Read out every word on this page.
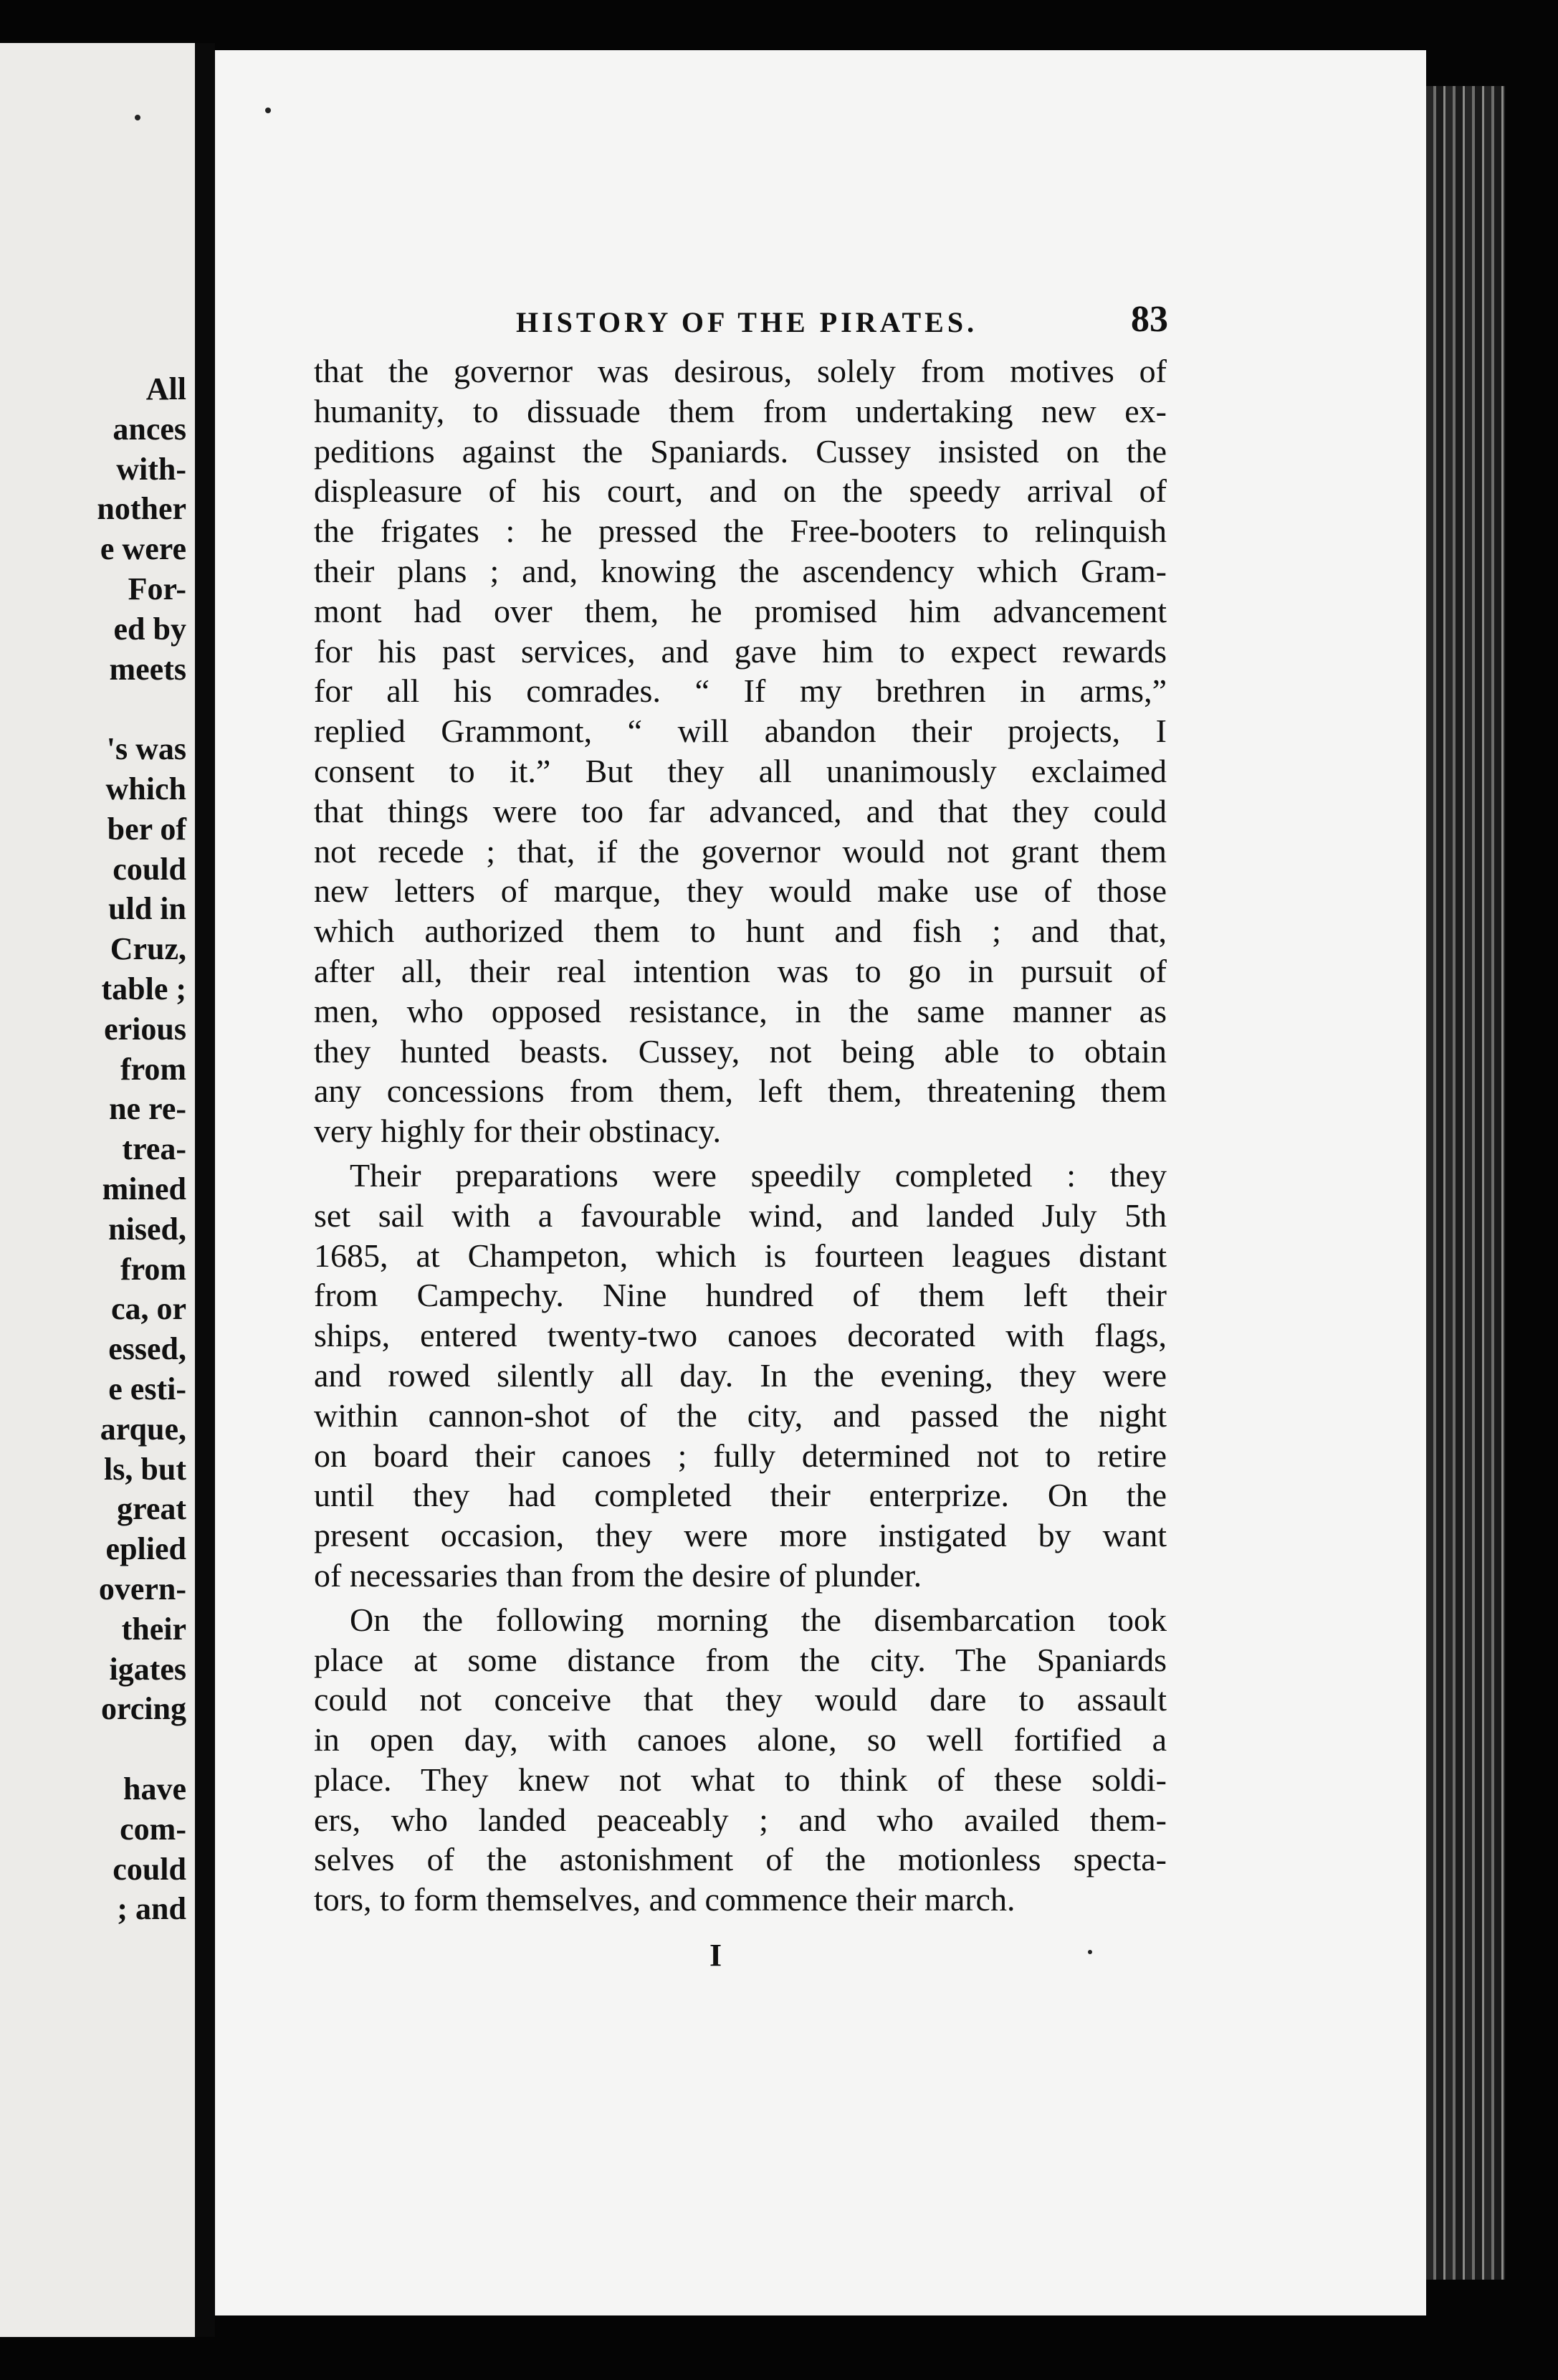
All
ances
with-
nother
e were
For-
ed by
meets
's was
which
ber of
could
uld in
Cruz,
table ;
erious
from
ne re-
trea-
mined
nised,
from
ca, or
essed,
e esti-
arque,
ls, but
great
eplied
overn-
their
igates
orcing
have
com-
could
; and
HISTORY OF THE PIRATES.	83
that the governor was desirous, solely from motives of
humanity, to dissuade them from undertaking new ex-
peditions against the Spaniards. Cussey insisted on the
displeasure of his court, and on the speedy arrival of
the frigates : he pressed the Free-booters to relinquish
their plans ; and, knowing the ascendency which Gram-
mont had over them, he promised him advancement
for his past services, and gave him to expect rewards
for all his comrades. “ If my brethren in arms,”
replied Grammont, “ will abandon their projects, I
consent to it.” But they all unanimously exclaimed
that things were too far advanced, and that they could
not recede ; that, if the governor would not grant them
new letters of marque, they would make use of those
which authorized them to hunt and fish ; and that,
after all, their real intention was to go in pursuit of
men, who opposed resistance, in the same manner as
they hunted beasts. Cussey, not being able to obtain
any concessions from them, left them, threatening them
very highly for their obstinacy.
Their preparations were speedily completed : they
set sail with a favourable wind, and landed July 5th
1685, at Champeton, which is fourteen leagues distant
from Campechy. Nine hundred of them left their
ships, entered twenty-two canoes decorated with flags,
and rowed silently all day. In the evening, they were
within cannon-shot of the city, and passed the night
on board their canoes ; fully determined not to retire
until they had completed their enterprize. On the
present occasion, they were more instigated by want
of necessaries than from the desire of plunder.
On the following morning the disembarcation took
place at some distance from the city. The Spaniards
could not conceive that they would dare to assault
in open day, with canoes alone, so well fortified a
place. They knew not what to think of these soldi-
ers, who landed peaceably ; and who availed them-
selves of the astonishment of the motionless specta-
tors, to form themselves, and commence their march.
I
